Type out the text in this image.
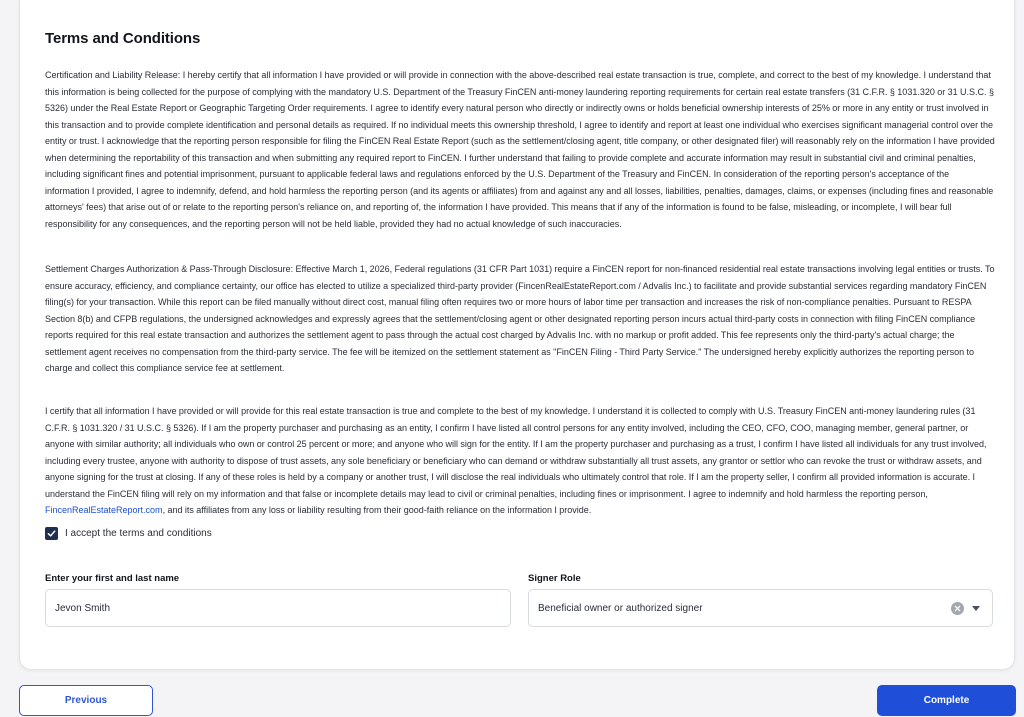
Terms and Conditions

Certification and Liability Release: I hereby certify that all information I have provided or will provide in connection with the above-described real estate transaction is true, complete, and correct to the best of my knowledge. I understand that this information is being collected for the purpose of complying with the mandatory U.S. Department of the Treasury FinCEN anti-money laundering reporting requirements for certain real estate transfers (31 C.F.R. § 1031.320 or 31 U.S.C. § 5326) under the Real Estate Report or Geographic Targeting Order requirements. I agree to identify every natural person who directly or indirectly owns or holds beneficial ownership interests of 25% or more in any entity or trust involved in this transaction and to provide complete identification and personal details as required. If no individual meets this ownership threshold, I agree to identify and report at least one individual who exercises significant managerial control over the entity or trust. I acknowledge that the reporting person responsible for filing the FinCEN Real Estate Report (such as the settlement/closing agent, title company, or other designated filer) will reasonably rely on the information I have provided when determining the reportability of this transaction and when submitting any required report to FinCEN. I further understand that failing to provide complete and accurate information may result in substantial civil and criminal penalties, including significant fines and potential imprisonment, pursuant to applicable federal laws and regulations enforced by the U.S. Department of the Treasury and FinCEN. In consideration of the reporting person's acceptance of the information I provided, I agree to indemnify, defend, and hold harmless the reporting person (and its agents or affiliates) from and against any and all losses, liabilities, penalties, damages, claims, or expenses (including fines and reasonable attorneys' fees) that arise out of or relate to the reporting person's reliance on, and reporting of, the information I have provided. This means that if any of the information is found to be false, misleading, or incomplete, I will bear full responsibility for any consequences, and the reporting person will not be held liable, provided they had no actual knowledge of such inaccuracies.

Settlement Charges Authorization & Pass-Through Disclosure: Effective March 1, 2026, Federal regulations (31 CFR Part 1031) require a FinCEN report for non-financed residential real estate transactions involving legal entities or trusts. To ensure accuracy, efficiency, and compliance certainty, our office has elected to utilize a specialized third-party provider (FincenRealEstateReport.com / Advalis Inc.) to facilitate and provide substantial services regarding mandatory FinCEN filing(s) for your transaction. While this report can be filed manually without direct cost, manual filing often requires two or more hours of labor time per transaction and increases the risk of non-compliance penalties. Pursuant to RESPA Section 8(b) and CFPB regulations, the undersigned acknowledges and expressly agrees that the settlement/closing agent or other designated reporting person incurs actual third-party costs in connection with filing FinCEN compliance reports required for this real estate transaction and authorizes the settlement agent to pass through the actual cost charged by Advalis Inc. with no markup or profit added. This fee represents only the third-party's actual charge; the settlement agent receives no compensation from the third-party service. The fee will be itemized on the settlement statement as "FinCEN Filing - Third Party Service." The undersigned hereby explicitly authorizes the reporting person to charge and collect this compliance service fee at settlement.

I certify that all information I have provided or will provide for this real estate transaction is true and complete to the best of my knowledge. I understand it is collected to comply with U.S. Treasury FinCEN anti-money laundering rules (31 C.F.R. § 1031.320 / 31 U.S.C. § 5326). If I am the property purchaser and purchasing as an entity, I confirm I have listed all control persons for any entity involved, including the CEO, CFO, COO, managing member, general partner, or anyone with similar authority; all individuals who own or control 25 percent or more; and anyone who will sign for the entity. If I am the property purchaser and purchasing as a trust, I confirm I have listed all individuals for any trust involved, including every trustee, anyone with authority to dispose of trust assets, any sole beneficiary or beneficiary who can demand or withdraw substantially all trust assets, any grantor or settlor who can revoke the trust or withdraw assets, and anyone signing for the trust at closing. If any of these roles is held by a company or another trust, I will disclose the real individuals who ultimately control that role. If I am the property seller, I confirm all provided information is accurate. I understand the FinCEN filing will rely on my information and that false or incomplete details may lead to civil or criminal penalties, including fines or imprisonment. I agree to indemnify and hold harmless the reporting person, FincenRealEstateReport.com, and its affiliates from any loss or liability resulting from their good-faith reliance on the information I provide.

I accept the terms and conditions
Enter your first and last name
Jevon Smith
Signer Role
Beneficial owner or authorized signer
Previous	Complete
